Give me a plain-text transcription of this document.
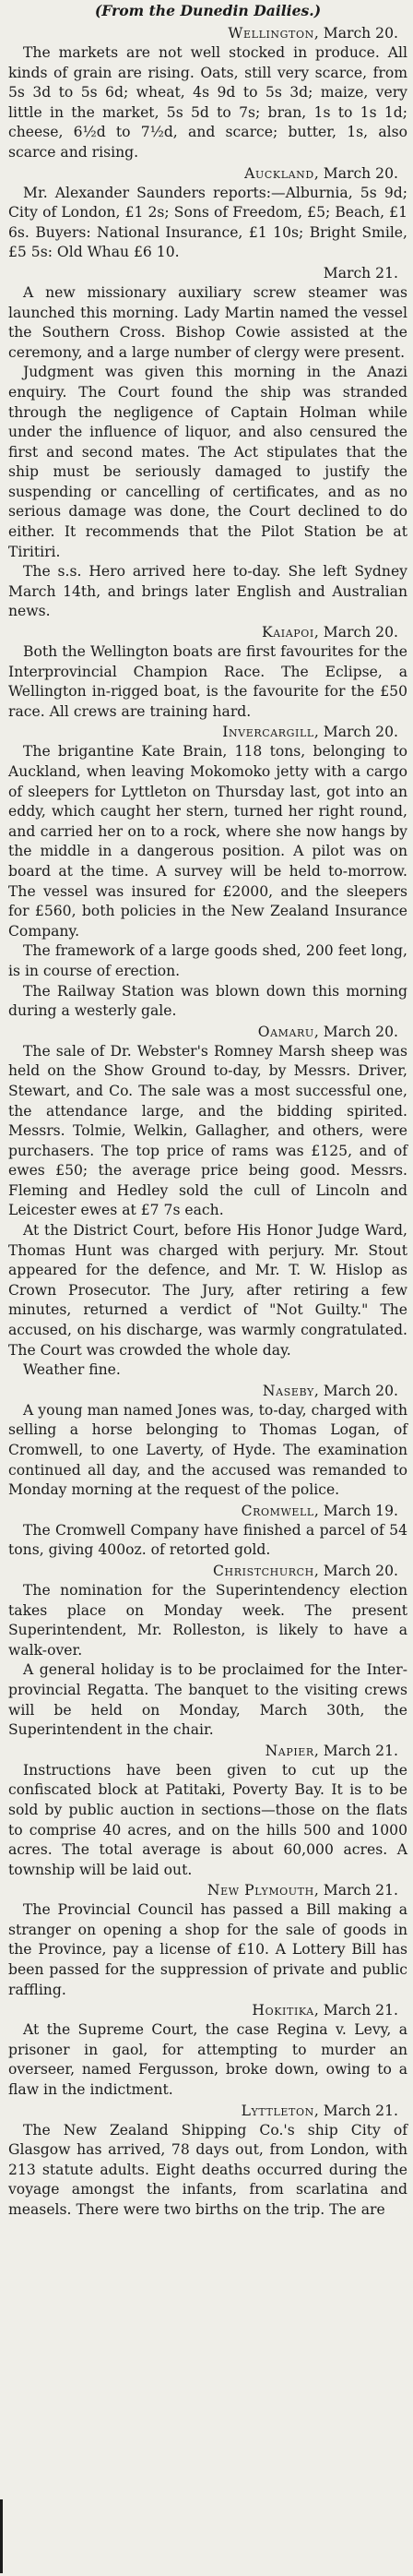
(From the Dunedin Dailies.)
Wellington, March 20.

The markets are not well stocked in produce. All kinds of grain are rising. Oats, still very scarce, from 5s 3d to 5s 6d; wheat, 4s 9d to 5s 3d; maize, very little in the market, 5s 5d to 7s; bran, 1s to 1s 1d; cheese, 6½d to 7½d, and scarce; butter, 1s, also scarce and rising.

Auckland, March 20.

Mr. Alexander Saunders reports:—Alburnia, 5s 9d; City of London, £1 2s; Sons of Freedom, £5; Beach, £1 6s. Buyers: National Insurance, £1 10s; Bright Smile, £5 5s: Old Whau £6 10.

March 21.

A new missionary auxiliary screw steamer was launched this morning. Lady Martin named the vessel the Southern Cross. Bishop Cowie assisted at the ceremony, and a large number of clergy were present.

Judgment was given this morning in the Anazi enquiry. The Court found the ship was stranded through the negligence of Captain Holman while under the influence of liquor, and also censured the first and second mates. The Act stipulates that the ship must be seriously damaged to justify the suspending or cancelling of certificates, and as no serious damage was done, the Court declined to do either. It recommends that the Pilot Station be at Tiritiri.

The s.s. Hero arrived here to-day. She left Sydney March 14th, and brings later English and Australian news.

Kaiapoi, March 20.

Both the Wellington boats are first favourites for the Interprovincial Champion Race. The Eclipse, a Wellington in-rigged boat, is the favourite for the £50 race. All crews are training hard.

Invercargill, March 20.

The brigantine Kate Brain, 118 tons, belonging to Auckland, when leaving Mokomoko jetty with a cargo of sleepers for Lyttleton on Thursday last, got into an eddy, which caught her stern, turned her right round, and carried her on to a rock, where she now hangs by the middle in a dangerous position. A pilot was on board at the time. A survey will be held to-morrow. The vessel was insured for £2000, and the sleepers for £560, both policies in the New Zealand Insurance Company.

The framework of a large goods shed, 200 feet long, is in course of erection.

The Railway Station was blown down this morning during a westerly gale.

Oamaru, March 20.

The sale of Dr. Webster's Romney Marsh sheep was held on the Show Ground to-day, by Messrs. Driver, Stewart, and Co. The sale was a most successful one, the attendance large, and the bidding spirited. Messrs. Tolmie, Welkin, Gallagher, and others, were purchasers. The top price of rams was £125, and of ewes £50; the average price being good. Messrs. Fleming and Hedley sold the cull of Lincoln and Leicester ewes at £7 7s each.

At the District Court, before His Honor Judge Ward, Thomas Hunt was charged with perjury. Mr. Stout appeared for the defence, and Mr. T. W. Hislop as Crown Prosecutor. The Jury, after retiring a few minutes, returned a verdict of "Not Guilty." The accused, on his discharge, was warmly congratulated. The Court was crowded the whole day.

Weather fine.

Naseby, March 20.

A young man named Jones was, to-day, charged with selling a horse belonging to Thomas Logan, of Cromwell, to one Laverty, of Hyde. The examination continued all day, and the accused was remanded to Monday morning at the request of the police.

Cromwell, March 19.

The Cromwell Company have finished a parcel of 54 tons, giving 400oz. of retorted gold.

Christchurch, March 20.

The nomination for the Superintendency election takes place on Monday week. The present Superintendent, Mr. Rolleston, is likely to have a walk-over.

A general holiday is to be proclaimed for the Inter-provincial Regatta. The banquet to the visiting crews will be held on Monday, March 30th, the Superintendent in the chair.

Napier, March 21.

Instructions have been given to cut up the confiscated block at Patitaki, Poverty Bay. It is to be sold by public auction in sections—those on the flats to comprise 40 acres, and on the hills 500 and 1000 acres. The total average is about 60,000 acres. A township will be laid out.

New Plymouth, March 21.

The Provincial Council has passed a Bill making a stranger on opening a shop for the sale of goods in the Province, pay a license of £10. A Lottery Bill has been passed for the suppression of private and public raffling.

Hokitika, March 21.

At the Supreme Court, the case Regina v. Levy, a prisoner in gaol, for attempting to murder an overseer, named Fergusson, broke down, owing to a flaw in the indictment.

Lyttleton, March 21.

The New Zealand Shipping Co.'s ship City of Glasgow has arrived, 78 days out, from London, with 213 statute adults. Eight deaths occurred during the voyage amongst the infants, from scarlatina and measels. There were two births on the trip. The are
